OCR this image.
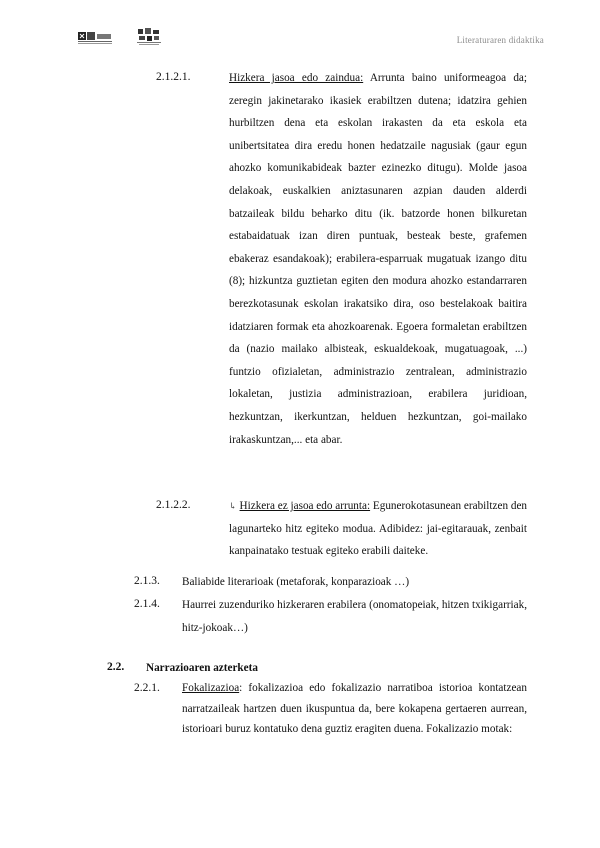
Literaturaren didaktika
2.1.2.1.	Hizkera jasoa edo zaindua: Arrunta baino uniformeagoa da; zeregin jakinetarako ikasiek erabiltzen dutena; idatzira gehien hurbiltzen dena eta eskolan irakasten da eta eskola eta unibertsitatea dira eredu honen hedatzaile nagusiak (gaur egun ahozko komunikabideak bazter ezinezko ditugu). Molde jasoa delakoak, euskalkien aniztasunaren azpian dauden alderdi batzaileak bildu beharko ditu (ik. batzorde honen bilkuretan estabaidatuak izan diren puntuak, besteak beste, grafemen ebakeraz esandakoak); erabilera-esparruak mugatuak izango ditu (8); hizkuntza guztietan egiten den modura ahozko estandarraren berezkotasunak eskolan irakatsiko dira, oso bestelakoak baitira idatziaren formak eta ahozkoarenak. Egoera formaletan erabiltzen da (nazio mailako albisteak, eskualdekoak, mugatuagoak, ...) funtzio ofizialetan, administrazio zentralean, administrazio lokaletan, justizia administrazioan, erabilera juridioan, hezkuntzan, ikerkuntzan, helduen hezkuntzan, goi-mailako irakaskuntzan,... eta abar.
2.1.2.2.	↳ Hizkera ez jasoa edo arrunta: Egunerokotasunean erabiltzen den lagunarteko hitz egiteko modua. Adibidez: jai-egitarauak, zenbait kanpainatako testuak egiteko erabili daiteke.
2.1.3. Baliabide literarioak (metaforak, konparazioak …)
2.1.4. Haurrei zuzenduriko hizkeraren erabilera (onomatopeiak, hitzen txikigarriak, hitz-jokoak…)
2.2. Narrazioaren azterketa
2.2.1. Fokalizazioa: fokalizazioa edo fokalizazio narratiboa istorioa kontatzean narratzaileak hartzen duen ikuspuntua da, bere kokapena gertaeren aurrean, istorioari buruz kontatuko dena guztiz eragiten duena. Fokalizazio motak:
